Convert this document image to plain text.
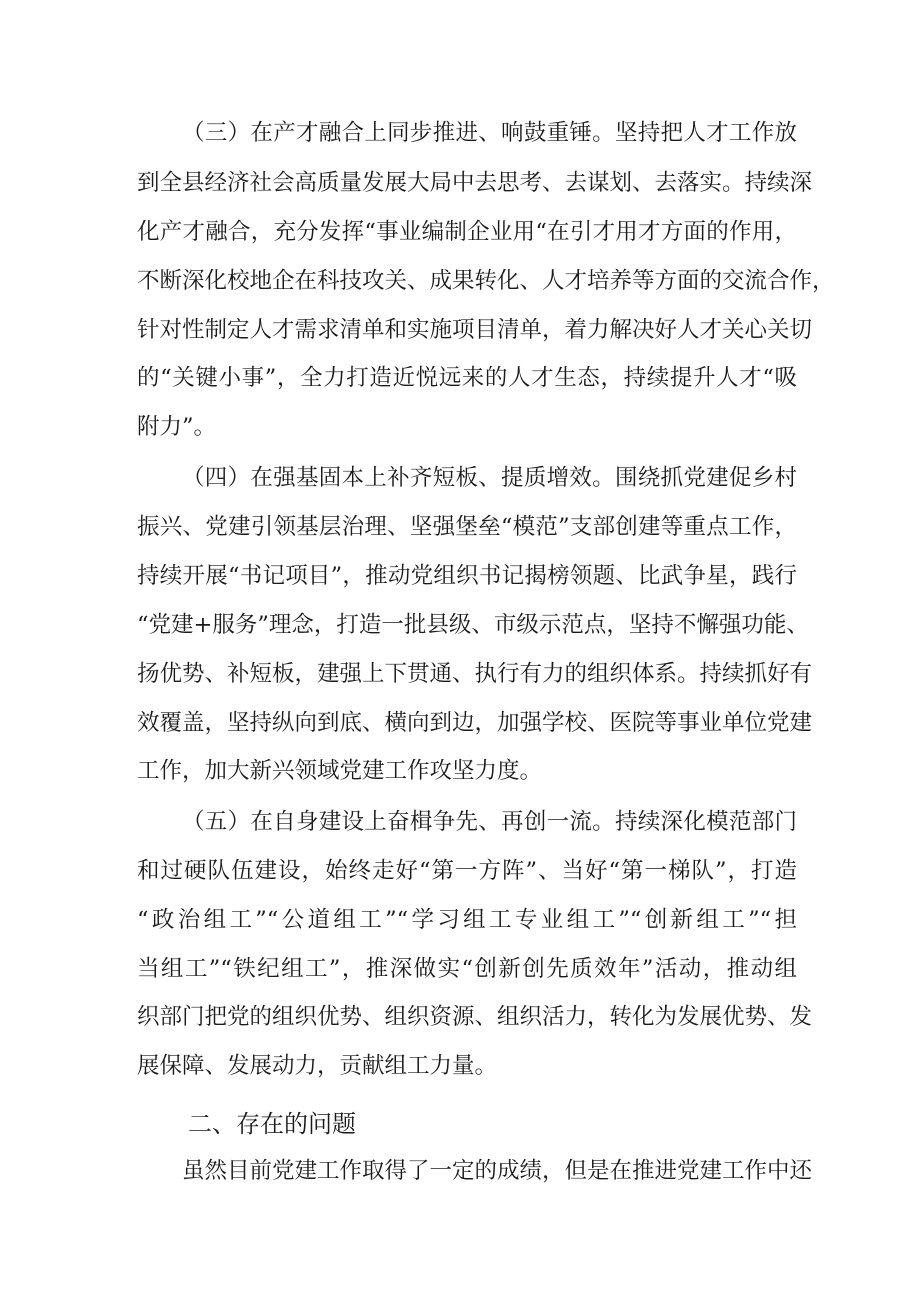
（三）在产才融合上同步推进、响鼓重锤。坚持把人才工作放
到全县经济社会高质量发展大局中去思考、去谋划、去落实。持续深
化产才融合，充分发挥“事业编制企业用“在引才用才方面的作用，
不断深化校地企在科技攻关、成果转化、人才培养等方面的交流合作，
针对性制定人才需求清单和实施项目清单，着力解决好人才关心关切
的“关键小事”，全力打造近悦远来的人才生态，持续提升人才“吸
附力”。
（四）在强基固本上补齐短板、提质增效。围绕抓党建促乡村
振兴、党建引领基层治理、坚强堡垒“模范”支部创建等重点工作，
持续开展“书记项目”，推动党组织书记揭榜领题、比武争星，践行
“党建+服务”理念，打造一批县级、市级示范点，坚持不懈强功能、
扬优势、补短板，建强上下贯通、执行有力的组织体系。持续抓好有
效覆盖，坚持纵向到底、横向到边，加强学校、医院等事业单位党建
工作，加大新兴领域党建工作攻坚力度。
（五）在自身建设上奋楫争先、再创一流。持续深化模范部门
和过硬队伍建设，始终走好“第一方阵”、当好“第一梯队”，打造
“政治组工”“公道组工”“学习组工专业组工”“创新组工”“担
当组工”“铁纪组工”，推深做实“创新创先质效年”活动，推动组
织部门把党的组织优势、组织资源、组织活力，转化为发展优势、发
展保障、发展动力，贡献组工力量。
二、存在的问题
虽然目前党建工作取得了一定的成绩，但是在推进党建工作中还
